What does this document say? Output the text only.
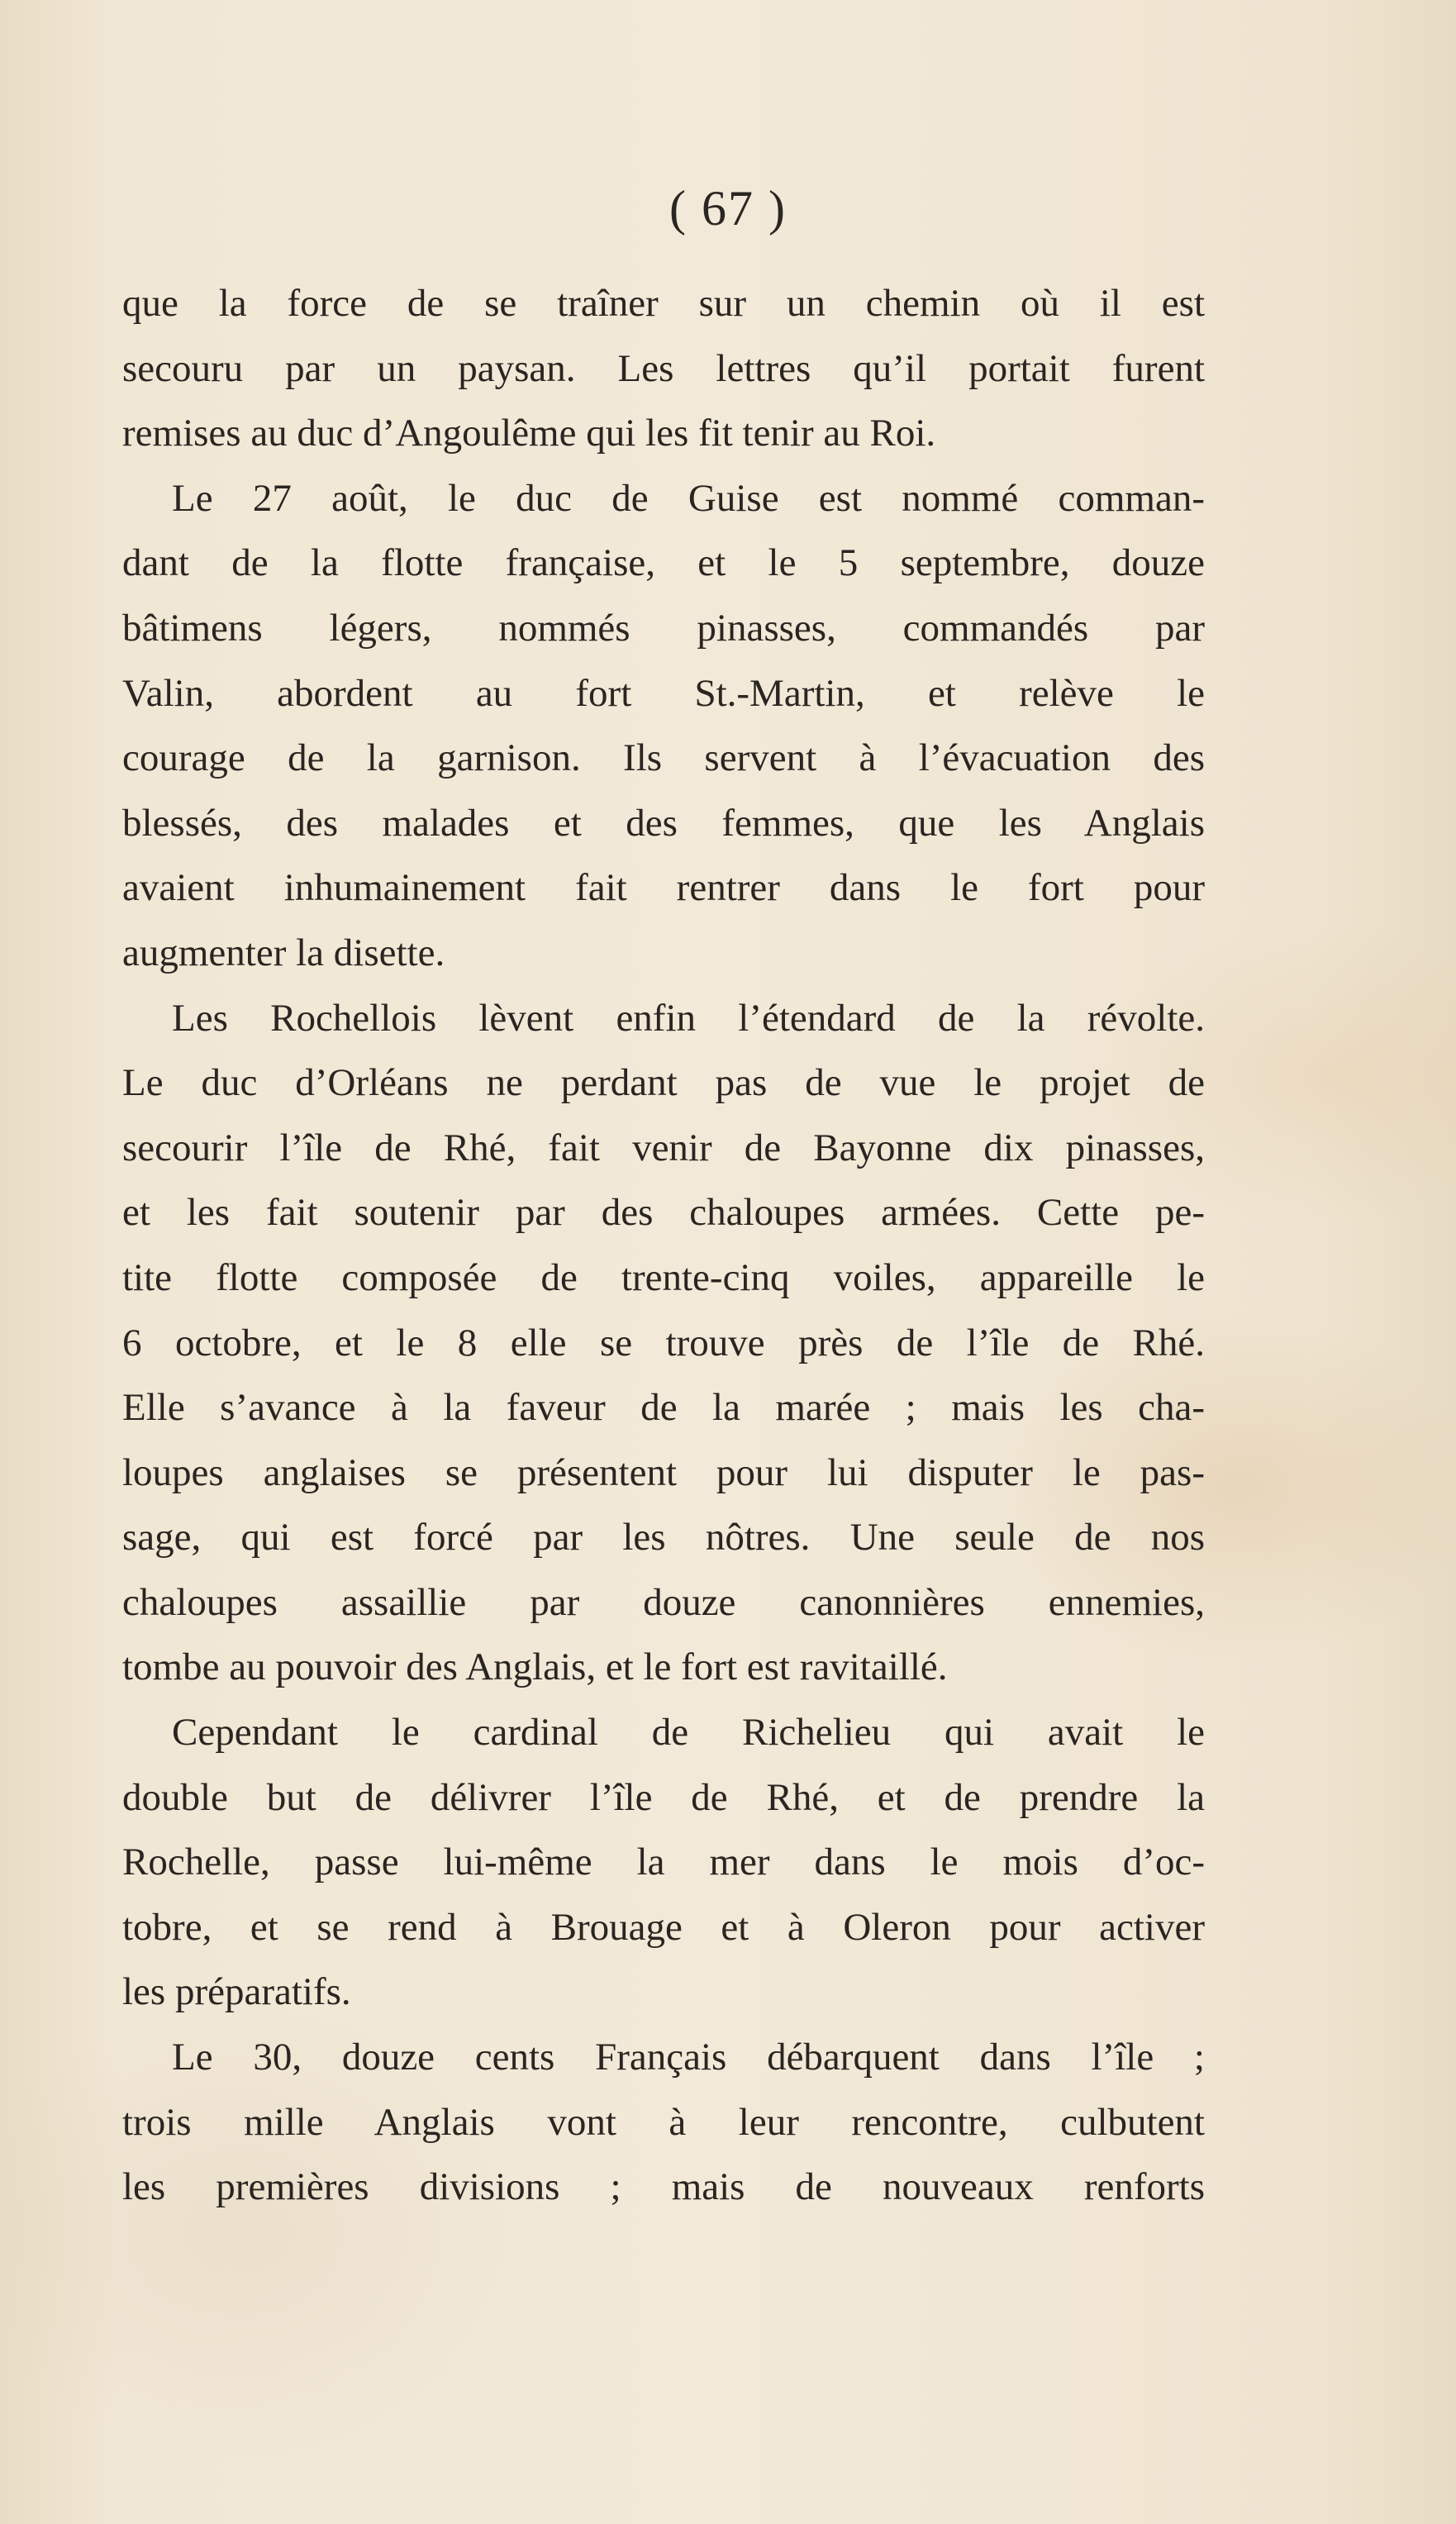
( 67 )
que la force de se traîner sur un chemin où il est
secouru par un paysan. Les lettres qu’il portait furent
remises au duc d’Angoulême qui les fit tenir au Roi.
Le 27 août, le duc de Guise est nommé comman-
dant de la flotte française, et le 5 septembre, douze
bâtimens légers, nommés pinasses, commandés par
Valin, abordent au fort St.-Martin, et relève le
courage de la garnison. Ils servent à l’évacuation des
blessés, des malades et des femmes, que les Anglais
avaient inhumainement fait rentrer dans le fort pour
augmenter la disette.
Les Rochellois lèvent enfin l’étendard de la révolte.
Le duc d’Orléans ne perdant pas de vue le projet de
secourir l’île de Rhé, fait venir de Bayonne dix pinasses,
et les fait soutenir par des chaloupes armées. Cette pe-
tite flotte composée de trente-cinq voiles, appareille le
6 octobre, et le 8 elle se trouve près de l’île de Rhé.
Elle s’avance à la faveur de la marée ; mais les cha-
loupes anglaises se présentent pour lui disputer le pas-
sage, qui est forcé par les nôtres. Une seule de nos
chaloupes assaillie par douze canonnières ennemies,
tombe au pouvoir des Anglais, et le fort est ravitaillé.
Cependant le cardinal de Richelieu qui avait le
double but de délivrer l’île de Rhé, et de prendre la
Rochelle, passe lui-même la mer dans le mois d’oc-
tobre, et se rend à Brouage et à Oleron pour activer
les préparatifs.
Le 30, douze cents Français débarquent dans l’île ;
trois mille Anglais vont à leur rencontre, culbutent
les premières divisions ; mais de nouveaux renforts
